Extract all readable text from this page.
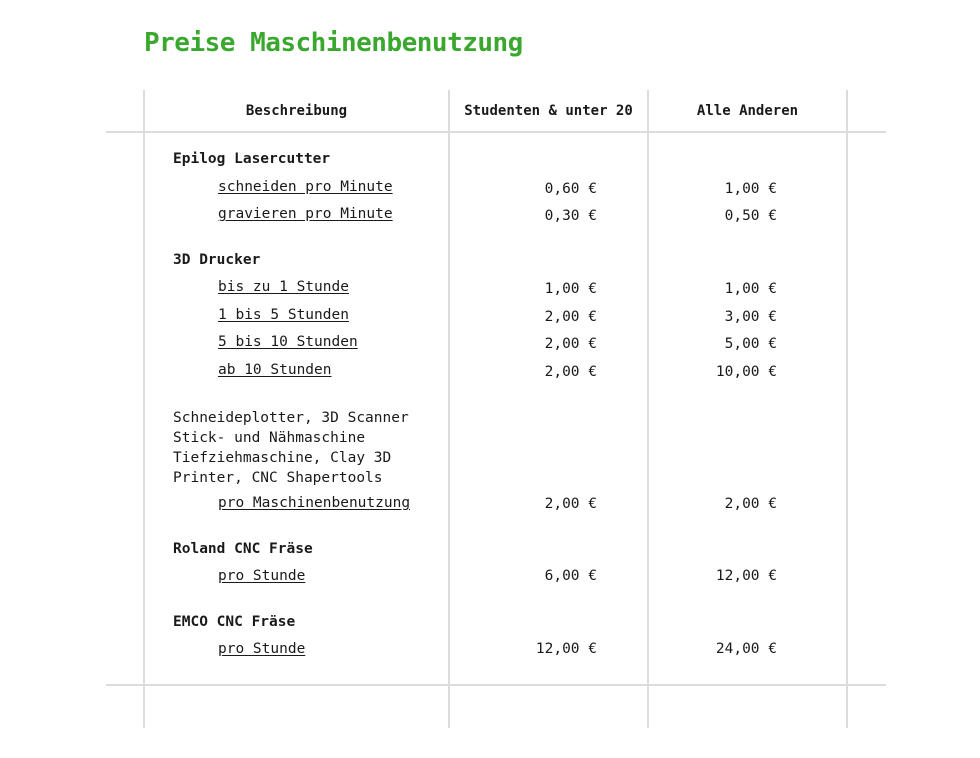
Preise Maschinenbenutzung
Beschreibung	Studenten & unter 20	Alle Anderen
Epilog Lasercutter
schneiden pro Minute	0,60 €	1,00 €
gravieren pro Minute	0,30 €	0,50 €
3D Drucker
bis zu 1 Stunde	1,00 €	1,00 €
1 bis 5 Stunden	2,00 €	3,00 €
5 bis 10 Stunden	2,00 €	5,00 €
ab 10 Stunden	2,00 €	10,00 €
Schneideplotter, 3D Scanner Stick- und Nähmaschine Tiefziehmaschine, Clay 3D Printer, CNC Shapertools
pro Maschinenbenutzung	2,00 €	2,00 €
Roland CNC Fräse
pro Stunde	6,00 €	12,00 €
EMCO CNC Fräse
pro Stunde	12,00 €	24,00 €
